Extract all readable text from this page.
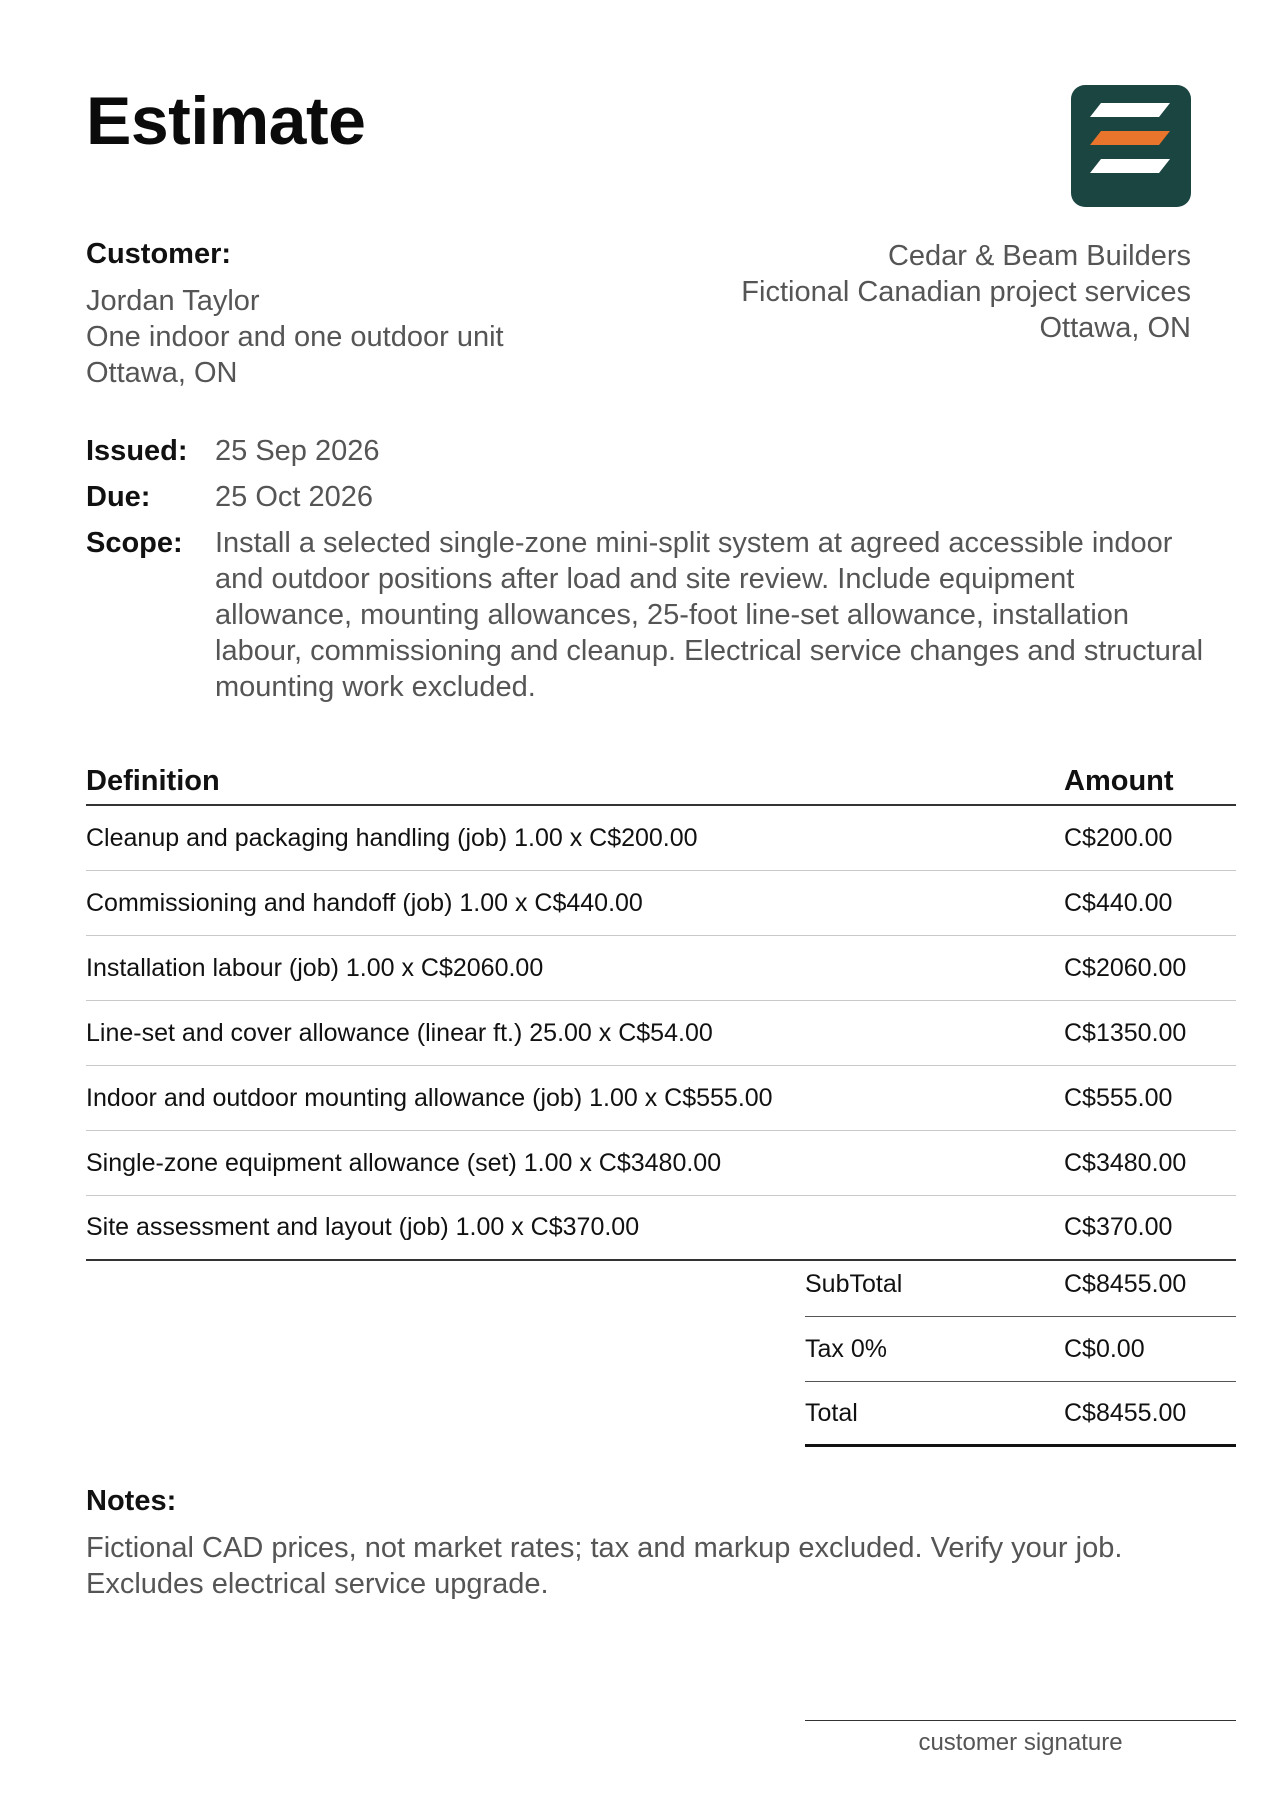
Estimate
Customer:
Jordan Taylor
One indoor and one outdoor unit
Ottawa, ON
Cedar & Beam Builders
Fictional Canadian project services
Ottawa, ON
Issued: 25 Sep 2026
Due:	25 Oct 2026
Scope:	Install a selected single-zone mini-split system at agreed accessible indoor and outdoor positions after load and site review. Include equipment allowance, mounting allowances, 25-foot line-set allowance, installation labour, commissioning and cleanup. Electrical service changes and structural mounting work excluded.
Definition	Amount
Cleanup and packaging handling (job) 1.00 x C$200.00	C$200.00
Commissioning and handoff (job) 1.00 x C$440.00	C$440.00
Installation labour (job) 1.00 x C$2060.00	C$2060.00
Line-set and cover allowance (linear ft.) 25.00 x C$54.00	C$1350.00
Indoor and outdoor mounting allowance (job) 1.00 x C$555.00	C$555.00
Single-zone equipment allowance (set) 1.00 x C$3480.00	C$3480.00
Site assessment and layout (job) 1.00 x C$370.00	C$370.00
SubTotal	C$8455.00
Tax 0%	C$0.00
Total	C$8455.00
Notes:
Fictional CAD prices, not market rates; tax and markup excluded. Verify your job.
Excludes electrical service upgrade.
customer signature
